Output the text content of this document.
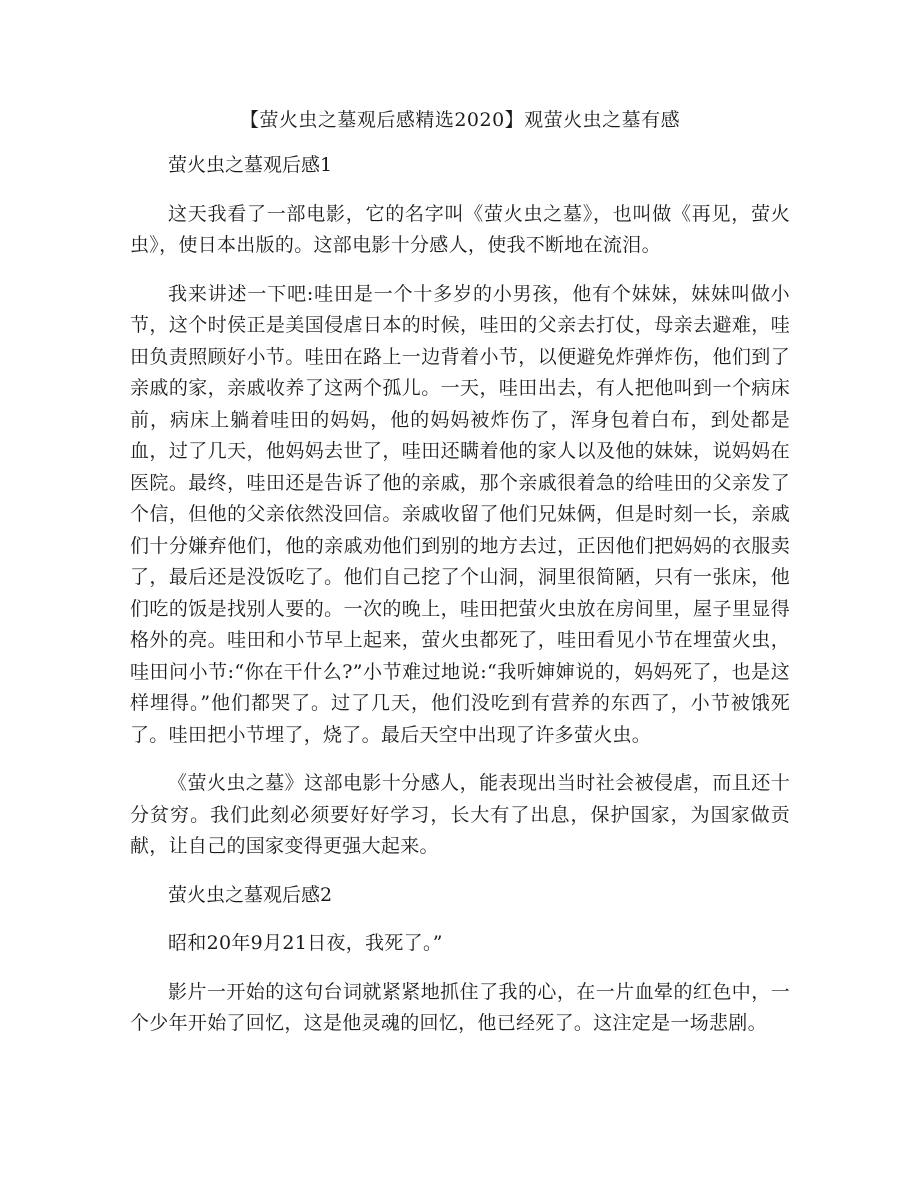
【萤火虫之墓观后感精选2020】观萤火虫之墓有感

萤火虫之墓观后感1

这天我看了一部电影，它的名字叫《萤火虫之墓》，也叫做《再见，萤火虫》，使日本出版的。这部电影十分感人，使我不断地在流泪。

我来讲述一下吧:哇田是一个十多岁的小男孩，他有个妹妹，妹妹叫做小节，这个时侯正是美国侵虐日本的时候，哇田的父亲去打仗，母亲去避难，哇田负责照顾好小节。哇田在路上一边背着小节，以便避免炸弹炸伤，他们到了亲戚的家，亲戚收养了这两个孤儿。一天，哇田出去，有人把他叫到一个病床前，病床上躺着哇田的妈妈，他的妈妈被炸伤了，浑身包着白布，到处都是血，过了几天，他妈妈去世了，哇田还瞒着他的家人以及他的妹妹，说妈妈在医院。最终，哇田还是告诉了他的亲戚，那个亲戚很着急的给哇田的父亲发了个信，但他的父亲依然没回信。亲戚收留了他们兄妹俩，但是时刻一长，亲戚们十分嫌弃他们，他的亲戚劝他们到别的地方去过，正因他们把妈妈的衣服卖了，最后还是没饭吃了。他们自己挖了个山洞，洞里很简陋，只有一张床，他们吃的饭是找别人要的。一次的晚上，哇田把萤火虫放在房间里，屋子里显得格外的亮。哇田和小节早上起来，萤火虫都死了，哇田看见小节在埋萤火虫，哇田问小节:“你在干什么?”小节难过地说:“我听婶婶说的，妈妈死了，也是这样埋得。”他们都哭了。过了几天，他们没吃到有营养的东西了，小节被饿死了。哇田把小节埋了，烧了。最后天空中出现了许多萤火虫。

《萤火虫之墓》这部电影十分感人，能表现出当时社会被侵虐，而且还十分贫穷。我们此刻必须要好好学习，长大有了出息，保护国家，为国家做贡献，让自己的国家变得更强大起来。

萤火虫之墓观后感2

昭和20年9月21日夜，我死了。”

影片一开始的这句台词就紧紧地抓住了我的心，在一片血晕的红色中，一个少年开始了回忆，这是他灵魂的回忆，他已经死了。这注定是一场悲剧。
